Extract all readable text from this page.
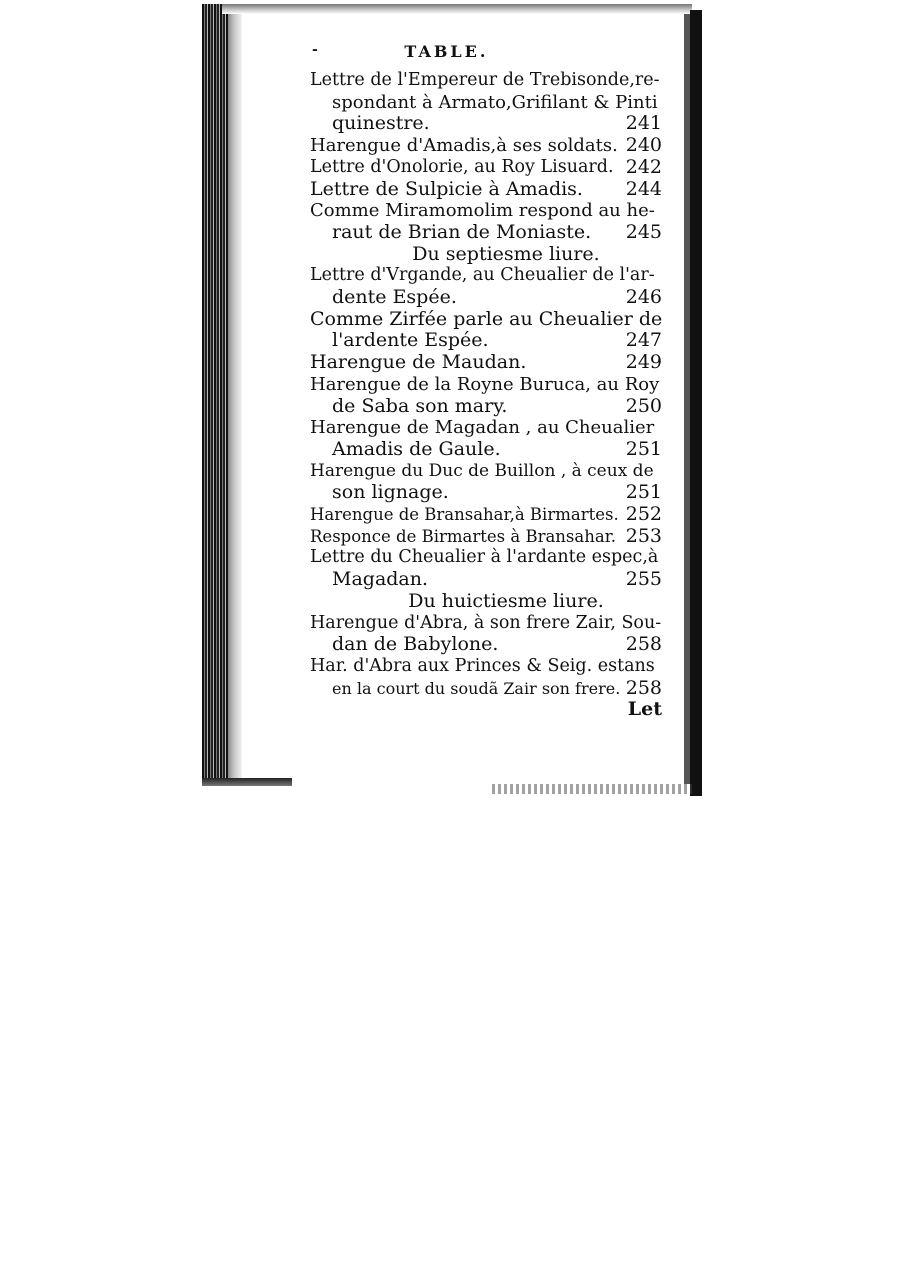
-	TABLE.
Lettre de l'Empereur de Trebisonde,re-
spondant à Armato,Grifilant & Pinti
quinestre.	241
Harengue d'Amadis,à ses soldats. 240
Lettre d'Onolorie, au Roy Lisuard. 242
Lettre de Sulpicie à Amadis.	244
Comme Miramomolim respond au he-
raut de Brian de Moniaste.	245
Du septiesme liure.
Lettre d'Vrgande, au Cheualier de l'ar-
dente Espée.	246
Comme Zirfée parle au Cheualier de
l'ardente Espée.	247
Harengue de Maudan.	249
Harengue de la Royne Buruca, au Roy
de Saba son mary.	250
Harengue de Magadan , au Cheualier
Amadis de Gaule.	251
Harengue du Duc de Buillon , à ceux de
son lignage.	251
Harengue de Bransahar,à Birmartes. 252
Responce de Birmartes à Bransahar. 253
Lettre du Cheualier à l'ardante espec,à
Magadan.	255
Du huictiesme liure.
Harengue d'Abra, à son frere Zair, Sou-
dan de Babylone.	258
Har. d'Abra aux Princes & Seig. estans
en la court du soudã Zair son frere. 258
Let
